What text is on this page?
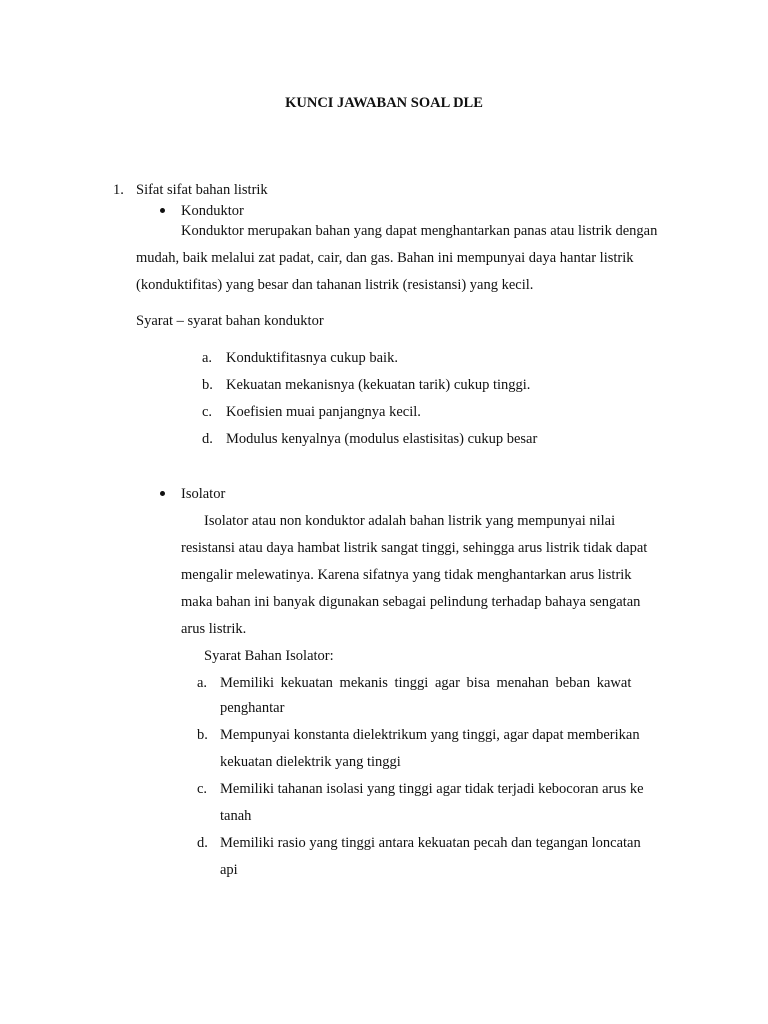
KUNCI JAWABAN SOAL DLE
1. Sifat sifat bahan listrik
Konduktor
Konduktor merupakan bahan yang dapat menghantarkan panas atau listrik dengan
mudah, baik melalui zat padat, cair, dan gas. Bahan ini mempunyai daya hantar listrik
(konduktifitas) yang besar dan tahanan listrik (resistansi) yang kecil.
Syarat – syarat bahan konduktor
a. Konduktifitasnya cukup baik.
b. Kekuatan mekanisnya (kekuatan tarik) cukup tinggi.
c. Koefisien muai panjangnya kecil.
d. Modulus kenyalnya (modulus elastisitas) cukup besar
Isolator
Isolator atau non konduktor adalah bahan listrik yang mempunyai nilai
resistansi atau daya hambat listrik sangat tinggi, sehingga arus listrik tidak dapat
mengalir melewatinya. Karena sifatnya yang tidak menghantarkan arus listrik
maka bahan ini banyak digunakan sebagai pelindung terhadap bahaya sengatan
arus listrik.
Syarat Bahan Isolator:
a. Memiliki kekuatan mekanis tinggi agar bisa menahan beban kawat
penghantar
b. Mempunyai konstanta dielektrikum yang tinggi, agar dapat memberikan
kekuatan dielektrik yang tinggi
c. Memiliki tahanan isolasi yang tinggi agar tidak terjadi kebocoran arus ke
tanah
d. Memiliki rasio yang tinggi antara kekuatan pecah dan tegangan loncatan
api
